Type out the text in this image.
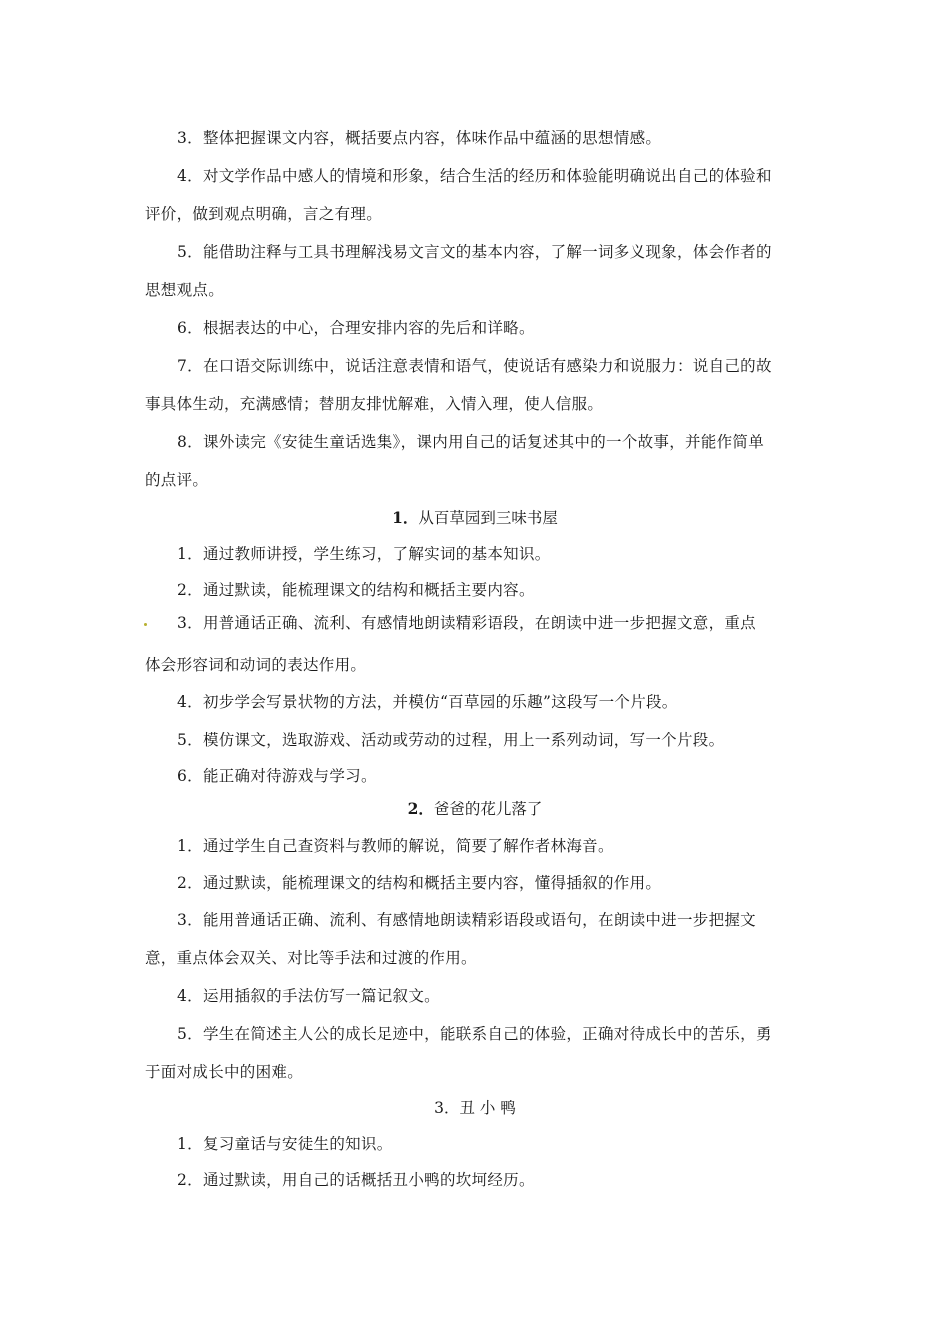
3．整体把握课文内容，概括要点内容，体味作品中蕴涵的思想情感。
4．对文学作品中感人的情境和形象，结合生活的经历和体验能明确说出自己的体验和
评价，做到观点明确，言之有理。
5．能借助注释与工具书理解浅易文言文的基本内容，了解一词多义现象，体会作者的
思想观点。
6．根据表达的中心，合理安排内容的先后和详略。
7．在口语交际训练中，说话注意表情和语气，使说话有感染力和说服力：说自己的故
事具体生动，充满感情；替朋友排忧解难，入情入理，使人信服。
8．课外读完《安徒生童话选集》，课内用自己的话复述其中的一个故事，并能作简单
的点评。
1．从百草园到三味书屋
1．通过教师讲授，学生练习，了解实词的基本知识。
2．通过默读，能梳理课文的结构和概括主要内容。
3．用普通话正确、流利、有感情地朗读精彩语段，在朗读中进一步把握文意，重点
体会形容词和动词的表达作用。
4．初步学会写景状物的方法，并模仿“百草园的乐趣”这段写一个片段。
5．模仿课文，选取游戏、活动或劳动的过程，用上一系列动词，写一个片段。
6．能正确对待游戏与学习。
2．爸爸的花儿落了
1．通过学生自己查资料与教师的解说，简要了解作者林海音。
2．通过默读，能梳理课文的结构和概括主要内容，懂得插叙的作用。
3．能用普通话正确、流利、有感情地朗读精彩语段或语句，在朗读中进一步把握文
意，重点体会双关、对比等手法和过渡的作用。
4．运用插叙的手法仿写一篇记叙文。
5．学生在简述主人公的成长足迹中，能联系自己的体验，正确对待成长中的苦乐，勇
于面对成长中的困难。
3．丑 小 鸭
1．复习童话与安徒生的知识。
2．通过默读，用自己的话概括丑小鸭的坎坷经历。
